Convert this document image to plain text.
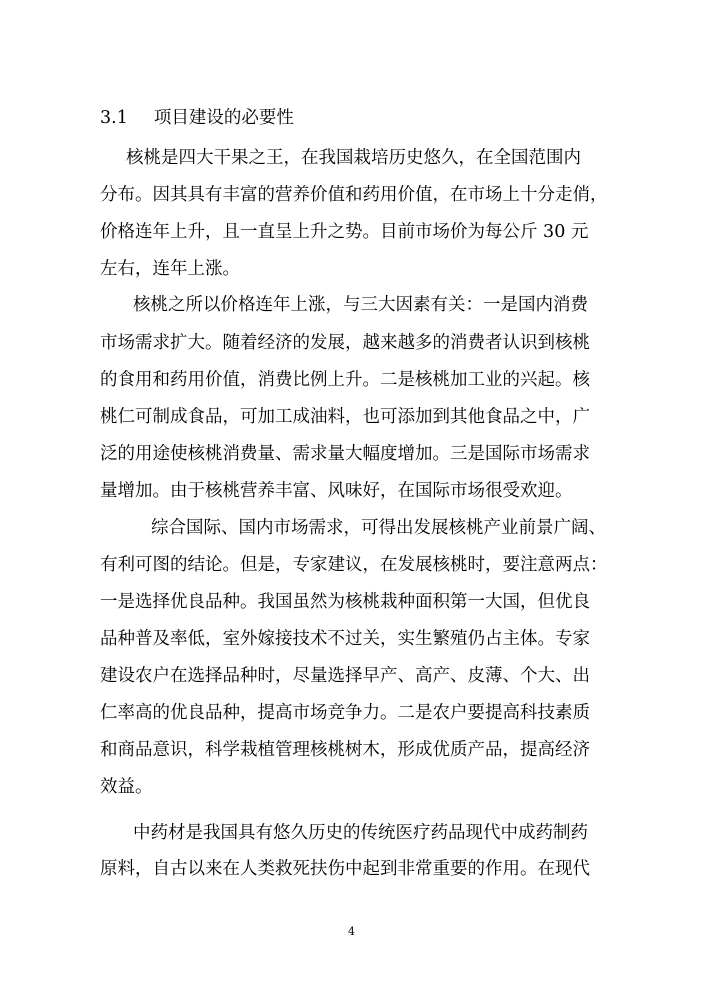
3.1 项目建设的必要性
核桃是四大干果之王，在我国栽培历史悠久，在全国范围内
分布。因其具有丰富的营养价值和药用价值，在市场上十分走俏，
价格连年上升，且一直呈上升之势。目前市场价为每公斤 30 元
左右，连年上涨。
核桃之所以价格连年上涨，与三大因素有关：一是国内消费
市场需求扩大。随着经济的发展，越来越多的消费者认识到核桃
的食用和药用价值，消费比例上升。二是核桃加工业的兴起。核
桃仁可制成食品，可加工成油料，也可添加到其他食品之中，广
泛的用途使核桃消费量、需求量大幅度增加。三是国际市场需求
量增加。由于核桃营养丰富、风味好，在国际市场很受欢迎。
综合国际、国内市场需求，可得出发展核桃产业前景广阔、
有利可图的结论。但是，专家建议，在发展核桃时，要注意两点：
一是选择优良品种。我国虽然为核桃栽种面积第一大国，但优良
品种普及率低，室外嫁接技术不过关，实生繁殖仍占主体。专家
建设农户在选择品种时，尽量选择早产、高产、皮薄、个大、出
仁率高的优良品种，提高市场竞争力。二是农户要提高科技素质
和商品意识，科学栽植管理核桃树木，形成优质产品，提高经济
效益。
中药材是我国具有悠久历史的传统医疗药品现代中成药制药
原料，自古以来在人类救死扶伤中起到非常重要的作用。在现代
4
